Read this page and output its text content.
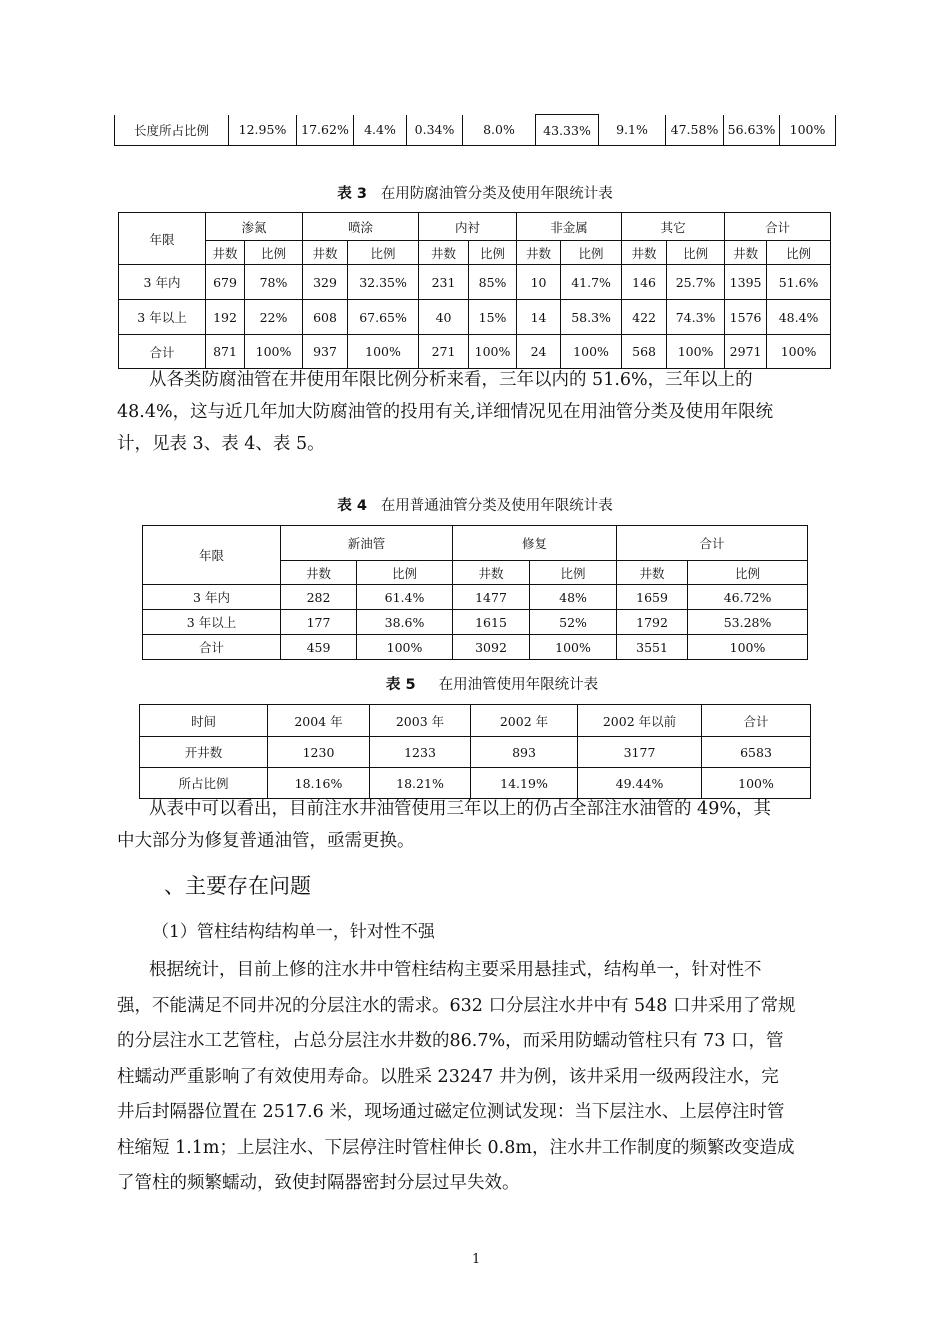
长度所占比例	12.95%	17.62%	4.4%	0.34%	8.0%	43.33%	9.1%	47.58%	56.63%	100%
表 3 在用防腐油管分类及使用年限统计表
年限	渗氮		喷涂		内衬		非金属		其它		合计	
	井数	比例	井数	比例	井数	比例	井数	比例	井数	比例	井数	比例
3 年内	679	78%	329	32.35%	231	85%	10	41.7%	146	25.7%	1395	51.6%
3 年以上	192	22%	608	67.65%	40	15%	14	58.3%	422	74.3%	1576	48.4%
合计	871	100%	937	100%	271	100%	24	100%	568	100%	2971	100%
从各类防腐油管在井使用年限比例分析来看，三年以内的 51.6%，三年以上的
48.4%，这与近几年加大防腐油管的投用有关,详细情况见在用油管分类及使用年限统
计，见表 3、表 4、表 5。
表 4 在用普通油管分类及使用年限统计表
年限	新油管		修复		合计	
	井数	比例	井数	比例	井数	比例
3 年内	282	61.4%	1477	48%	1659	46.72%
3 年以上	177	38.6%	1615	52%	1792	53.28%
合计	459	100%	3092	100%	3551	100%
表 5 在用油管使用年限统计表
时间	2004 年	2003 年	2002 年	2002 年以前	合计
开井数	1230	1233	893	3177	6583
所占比例	18.16%	18.21%	14.19%	49.44%	100%
从表中可以看出，目前注水井油管使用三年以上的仍占全部注水油管的 49%，其
中大部分为修复普通油管，亟需更换。
、主要存在问题
（1）管柱结构结构单一，针对性不强
根据统计，目前上修的注水井中管柱结构主要采用悬挂式，结构单一，针对性不
强，不能满足不同井况的分层注水的需求。632 口分层注水井中有 548 口井采用了常规
的分层注水工艺管柱，占总分层注水井数的86.7%，而采用防蠕动管柱只有 73 口，管
柱蠕动严重影响了有效使用寿命。以胜采 23247 井为例，该井采用一级两段注水，完
井后封隔器位置在 2517.6 米，现场通过磁定位测试发现：当下层注水、上层停注时管
柱缩短 1.1m；上层注水、下层停注时管柱伸长 0.8m，注水井工作制度的频繁改变造成
了管柱的频繁蠕动，致使封隔器密封分层过早失效。
1
